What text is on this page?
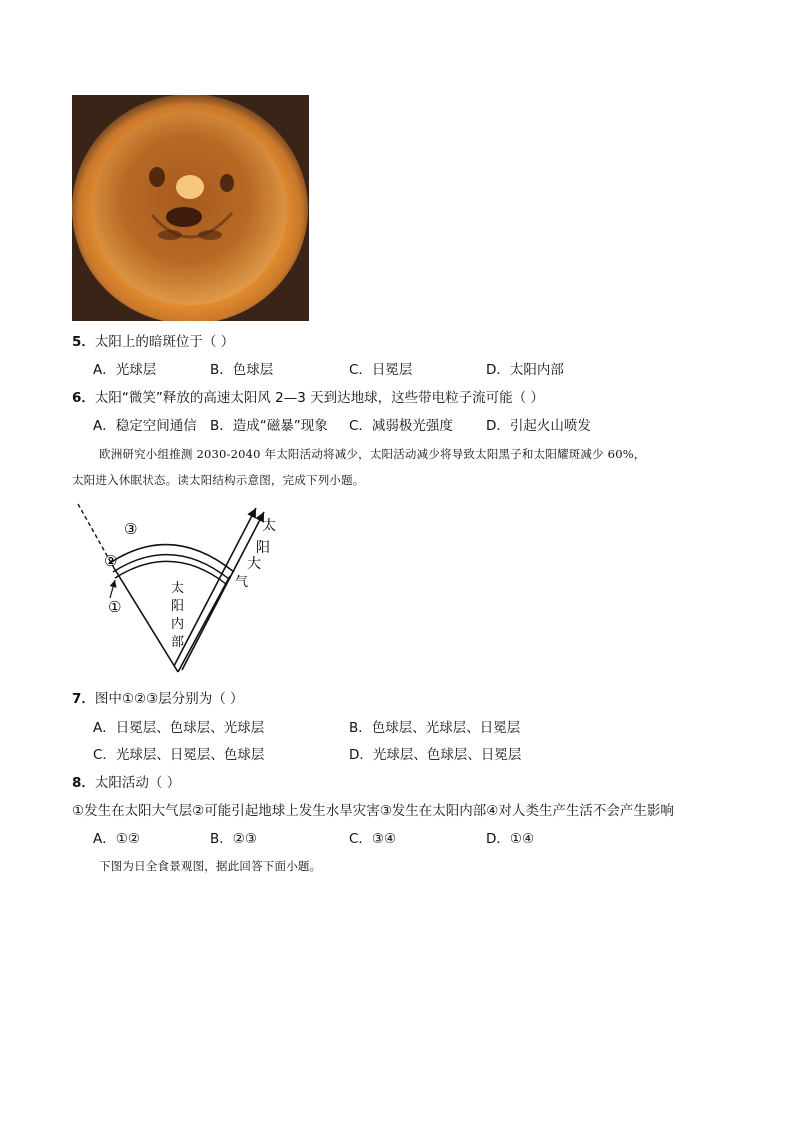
5．太阳上的暗斑位于（ ）
A．光球层	B．色球层	C．日冕层	D．太阳内部
6．太阳“微笑”释放的高速太阳风 2—3 天到达地球，这些带电粒子流可能（ ）
A．稳定空间通信 B．造成“磁暴”现象 C．减弱极光强度 D．引起火山喷发
欧洲研究小组推测 2030-2040 年太阳活动将减少，太阳活动减少将导致太阳黑子和太阳耀斑减少 60%，
太阳进入休眠状态。读太阳结构示意图，完成下列小题。
③
②
①
太
阳
内
部
太
阳
大
气
7．图中①②③层分别为（ ）
A．日冕层、色球层、光球层	B．色球层、光球层、日冕层
C．光球层、日冕层、色球层	D．光球层、色球层、日冕层
8．太阳活动（ ）
①发生在太阳大气层②可能引起地球上发生水旱灾害③发生在太阳内部④对人类生产生活不会产生影响
A．①②	B．②③	C．③④	D．①④
下图为日全食景观图，据此回答下面小题。
